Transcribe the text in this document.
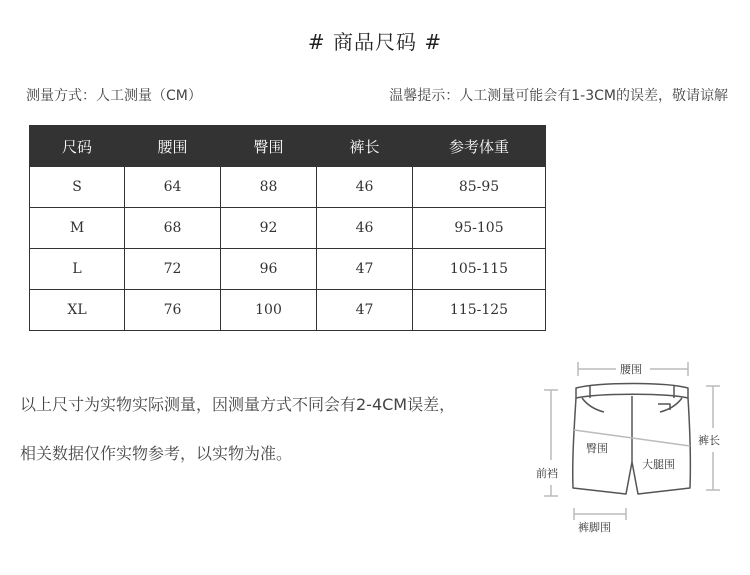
# 商品尺码 #
测量方式：人工测量（CM）	温馨提示：人工测量可能会有1-3CM的误差，敬请谅解
尺码	腰围	臀围	裤长	参考体重
S	64	88	46	85-95
M	68	92	46	95-105
L	72	96	47	105-115
XL	76	100	47	115-125
以上尺寸为实物实际测量，因测量方式不同会有2-4CM误差，
相关数据仅作实物参考，以实物为准。
腰围
臀围
大腿围
前裆
裤长
裤脚围
